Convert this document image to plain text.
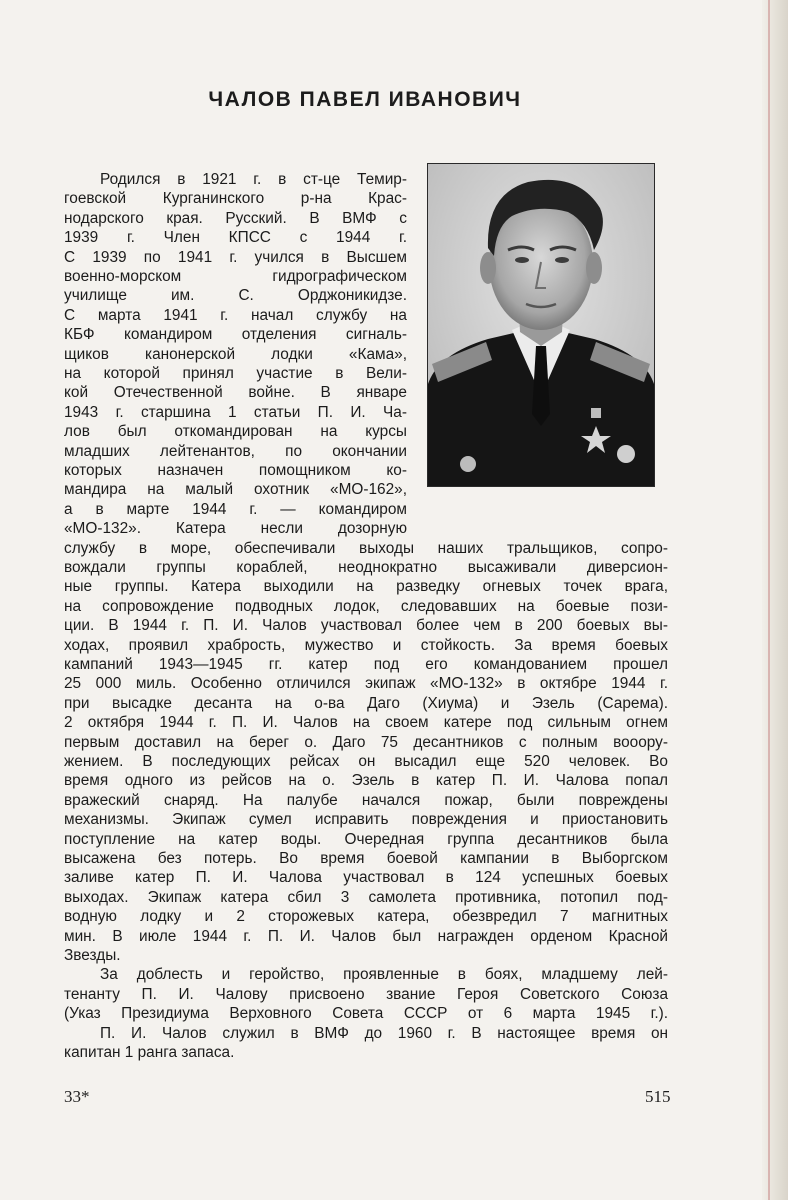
ЧАЛОВ ПАВЕЛ ИВАНОВИЧ
Родился в 1921 г. в ст-це Темир-
гоевской Курганинского р-на Крас-
нодарского края. Русский. В ВМФ с
1939 г. Член КПСС с 1944 г.
С 1939 по 1941 г. учился в Высшем
военно-морском гидрографическом
училище им. С. Орджоникидзе.
С марта 1941 г. начал службу на
КБФ командиром отделения сигналь-
щиков канонерской лодки «Кама»,
на которой принял участие в Вели-
кой Отечественной войне. В январе
1943 г. старшина 1 статьи П. И. Ча-
лов был откомандирован на курсы
младших лейтенантов, по окончании
которых назначен помощником ко-
мандира на малый охотник «МО-162»,
а в марте 1944 г. — командиром
«МО-132». Катера несли дозорную
службу в море, обеспечивали выходы наших тральщиков, сопро-
вождали группы кораблей, неоднократно высаживали диверсион-
ные группы. Катера выходили на разведку огневых точек врага,
на сопровождение подводных лодок, следовавших на боевые пози-
ции. В 1944 г. П. И. Чалов участвовал более чем в 200 боевых вы-
ходах, проявил храбрость, мужество и стойкость. За время боевых
кампаний 1943—1945 гг. катер под его командованием прошел
25 000 миль. Особенно отличился экипаж «МО-132» в октябре 1944 г.
при высадке десанта на о-ва Даго (Хиума) и Эзель (Сарема).
2 октября 1944 г. П. И. Чалов на своем катере под сильным огнем
первым доставил на берег о. Даго 75 десантников с полным вооору-
жением. В последующих рейсах он высадил еще 520 человек. Во
время одного из рейсов на о. Эзель в катер П. И. Чалова попал
вражеский снаряд. На палубе начался пожар, были повреждены
механизмы. Экипаж сумел исправить повреждения и приостановить
поступление на катер воды. Очередная группа десантников была
высажена без потерь. Во время боевой кампании в Выборгском
заливе катер П. И. Чалова участвовал в 124 успешных боевых
выходах. Экипаж катера сбил 3 самолета противника, потопил под-
водную лодку и 2 сторожевых катера, обезвредил 7 магнитных
мин. В июле 1944 г. П. И. Чалов был награжден орденом Красной
Звезды.
За доблесть и геройство, проявленные в боях, младшему лей-
тенанту П. И. Чалову присвоено звание Героя Советского Союза
(Указ Президиума Верховного Совета СССР от 6 марта 1945 г.).
П. И. Чалов служил в ВМФ до 1960 г. В настоящее время он
капитан 1 ранга запаса.
33*	515
